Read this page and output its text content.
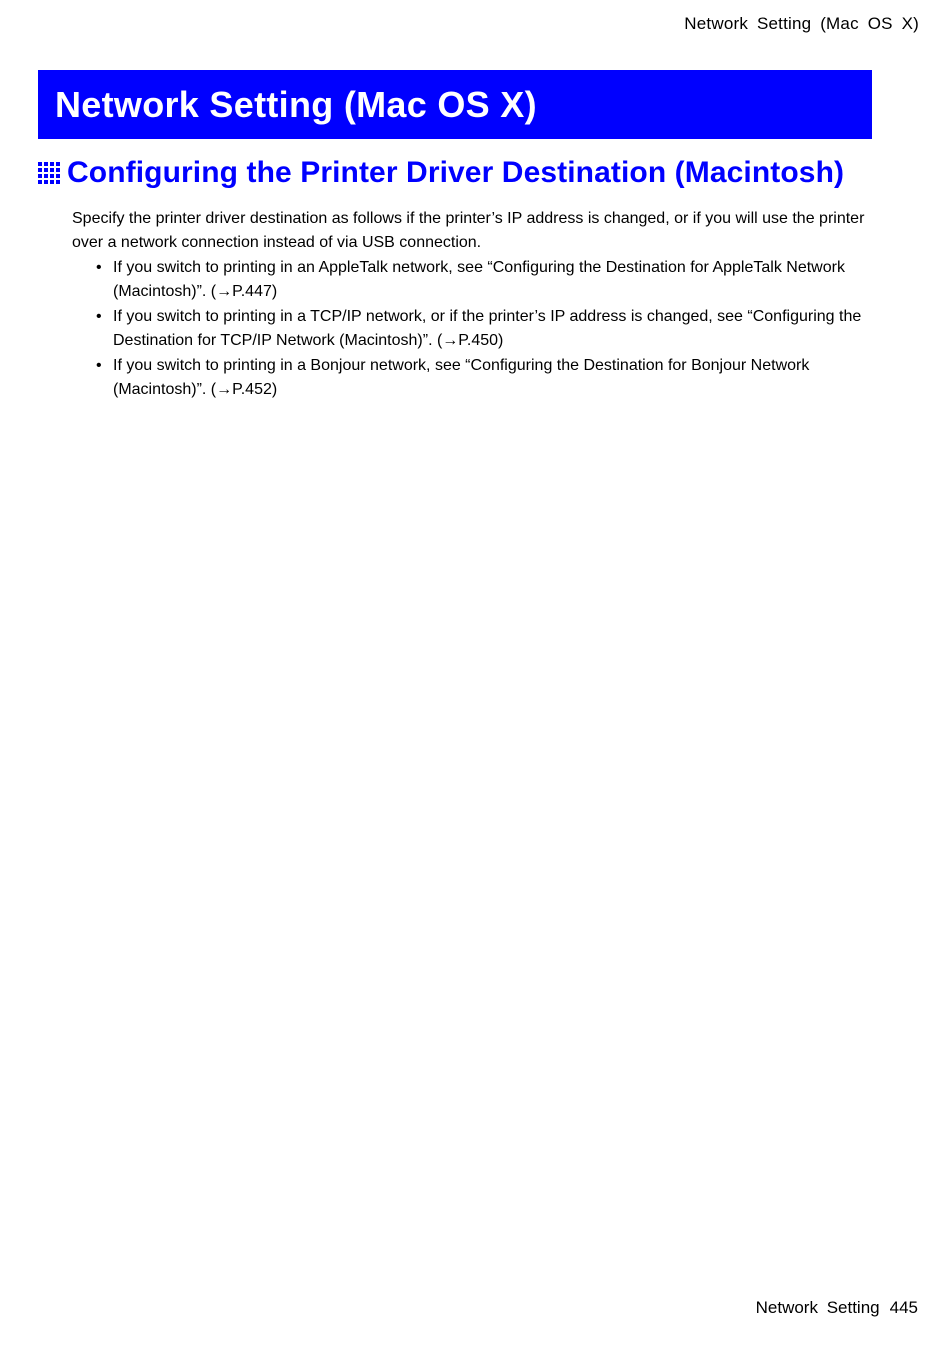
Network Setting (Mac OS X)
Network Setting (Mac OS X)
Configuring the Printer Driver Destination (Macintosh)

Specify the printer driver destination as follows if the printer’s IP address is changed, or if you will use the printer over a network connection instead of via USB connection.

• If you switch to printing in an AppleTalk network, see “Configuring the Destination for AppleTalk Network (Macintosh)”. (→P.447)
• If you switch to printing in a TCP/IP network, or if the printer’s IP address is changed, see “Configuring the Destination for TCP/IP Network (Macintosh)”. (→P.450)
• If you switch to printing in a Bonjour network, see “Configuring the Destination for Bonjour Network (Macintosh)”. (→P.452)
Network Setting 445
